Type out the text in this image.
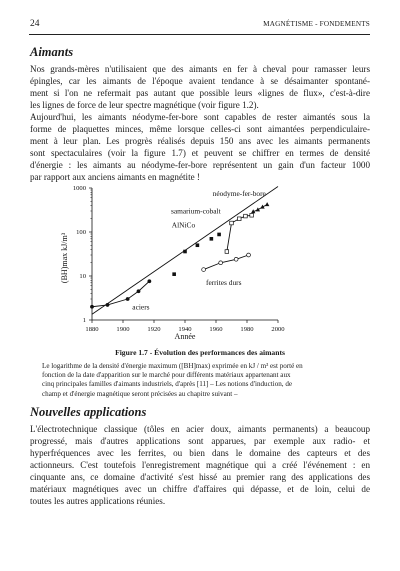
24	MAGNÉTISME - FONDEMENTS
Aimants
Nos grands-mères n'utilisaient que des aimants en fer à cheval pour ramasser leurs
épingles, car les aimants de l'époque avaient tendance à se désaimanter spontané-
ment si l'on ne refermait pas autant que possible leurs «lignes de flux», c'est-à-dire
les lignes de force de leur spectre magnétique (voir figure 1.2).
Aujourd'hui, les aimants néodyme-fer-bore sont capables de rester aimantés sous la
forme de plaquettes minces, même lorsque celles-ci sont aimantées perpendiculaire-
ment à leur plan. Les progrès réalisés depuis 150 ans avec les aimants permanents
sont spectaculaires (voir la figure 1.7) et peuvent se chiffrer en termes de densité
d'énergie : les aimants au néodyme-fer-bore représentent un gain d'un facteur 1000
par rapport aux anciens aimants en magnétite !
Année
(BH)max kJ/m³
1880	1900	1920	1940	1960	1980	2000
1
10
100
1000
néodyme-fer-bore
samarium-cobalt
AlNiCo
ferrites durs
aciers
Figure 1.7 - Évolution des performances des aimants
Le logarithme de la densité d'énergie maximum ([BH]max) exprimée en kJ / m³ est porté en
fonction de la date d'apparition sur le marché pour différents matériaux appartenant aux
cinq principales familles d'aimants industriels, d'après [11] – Les notions d'induction, de
champ et d'énergie magnétique seront précisées au chapitre suivant –
Nouvelles applications
L'électrotechnique classique (tôles en acier doux, aimants permanents) a beaucoup
progressé, mais d'autres applications sont apparues, par exemple aux radio- et
hyperfréquences avec les ferrites, ou bien dans le domaine des capteurs et des
actionneurs. C'est toutefois l'enregistrement magnétique qui a créé l'événement : en
cinquante ans, ce domaine d'activité s'est hissé au premier rang des applications des
matériaux magnétiques avec un chiffre d'affaires qui dépasse, et de loin, celui de
toutes les autres applications réunies.
